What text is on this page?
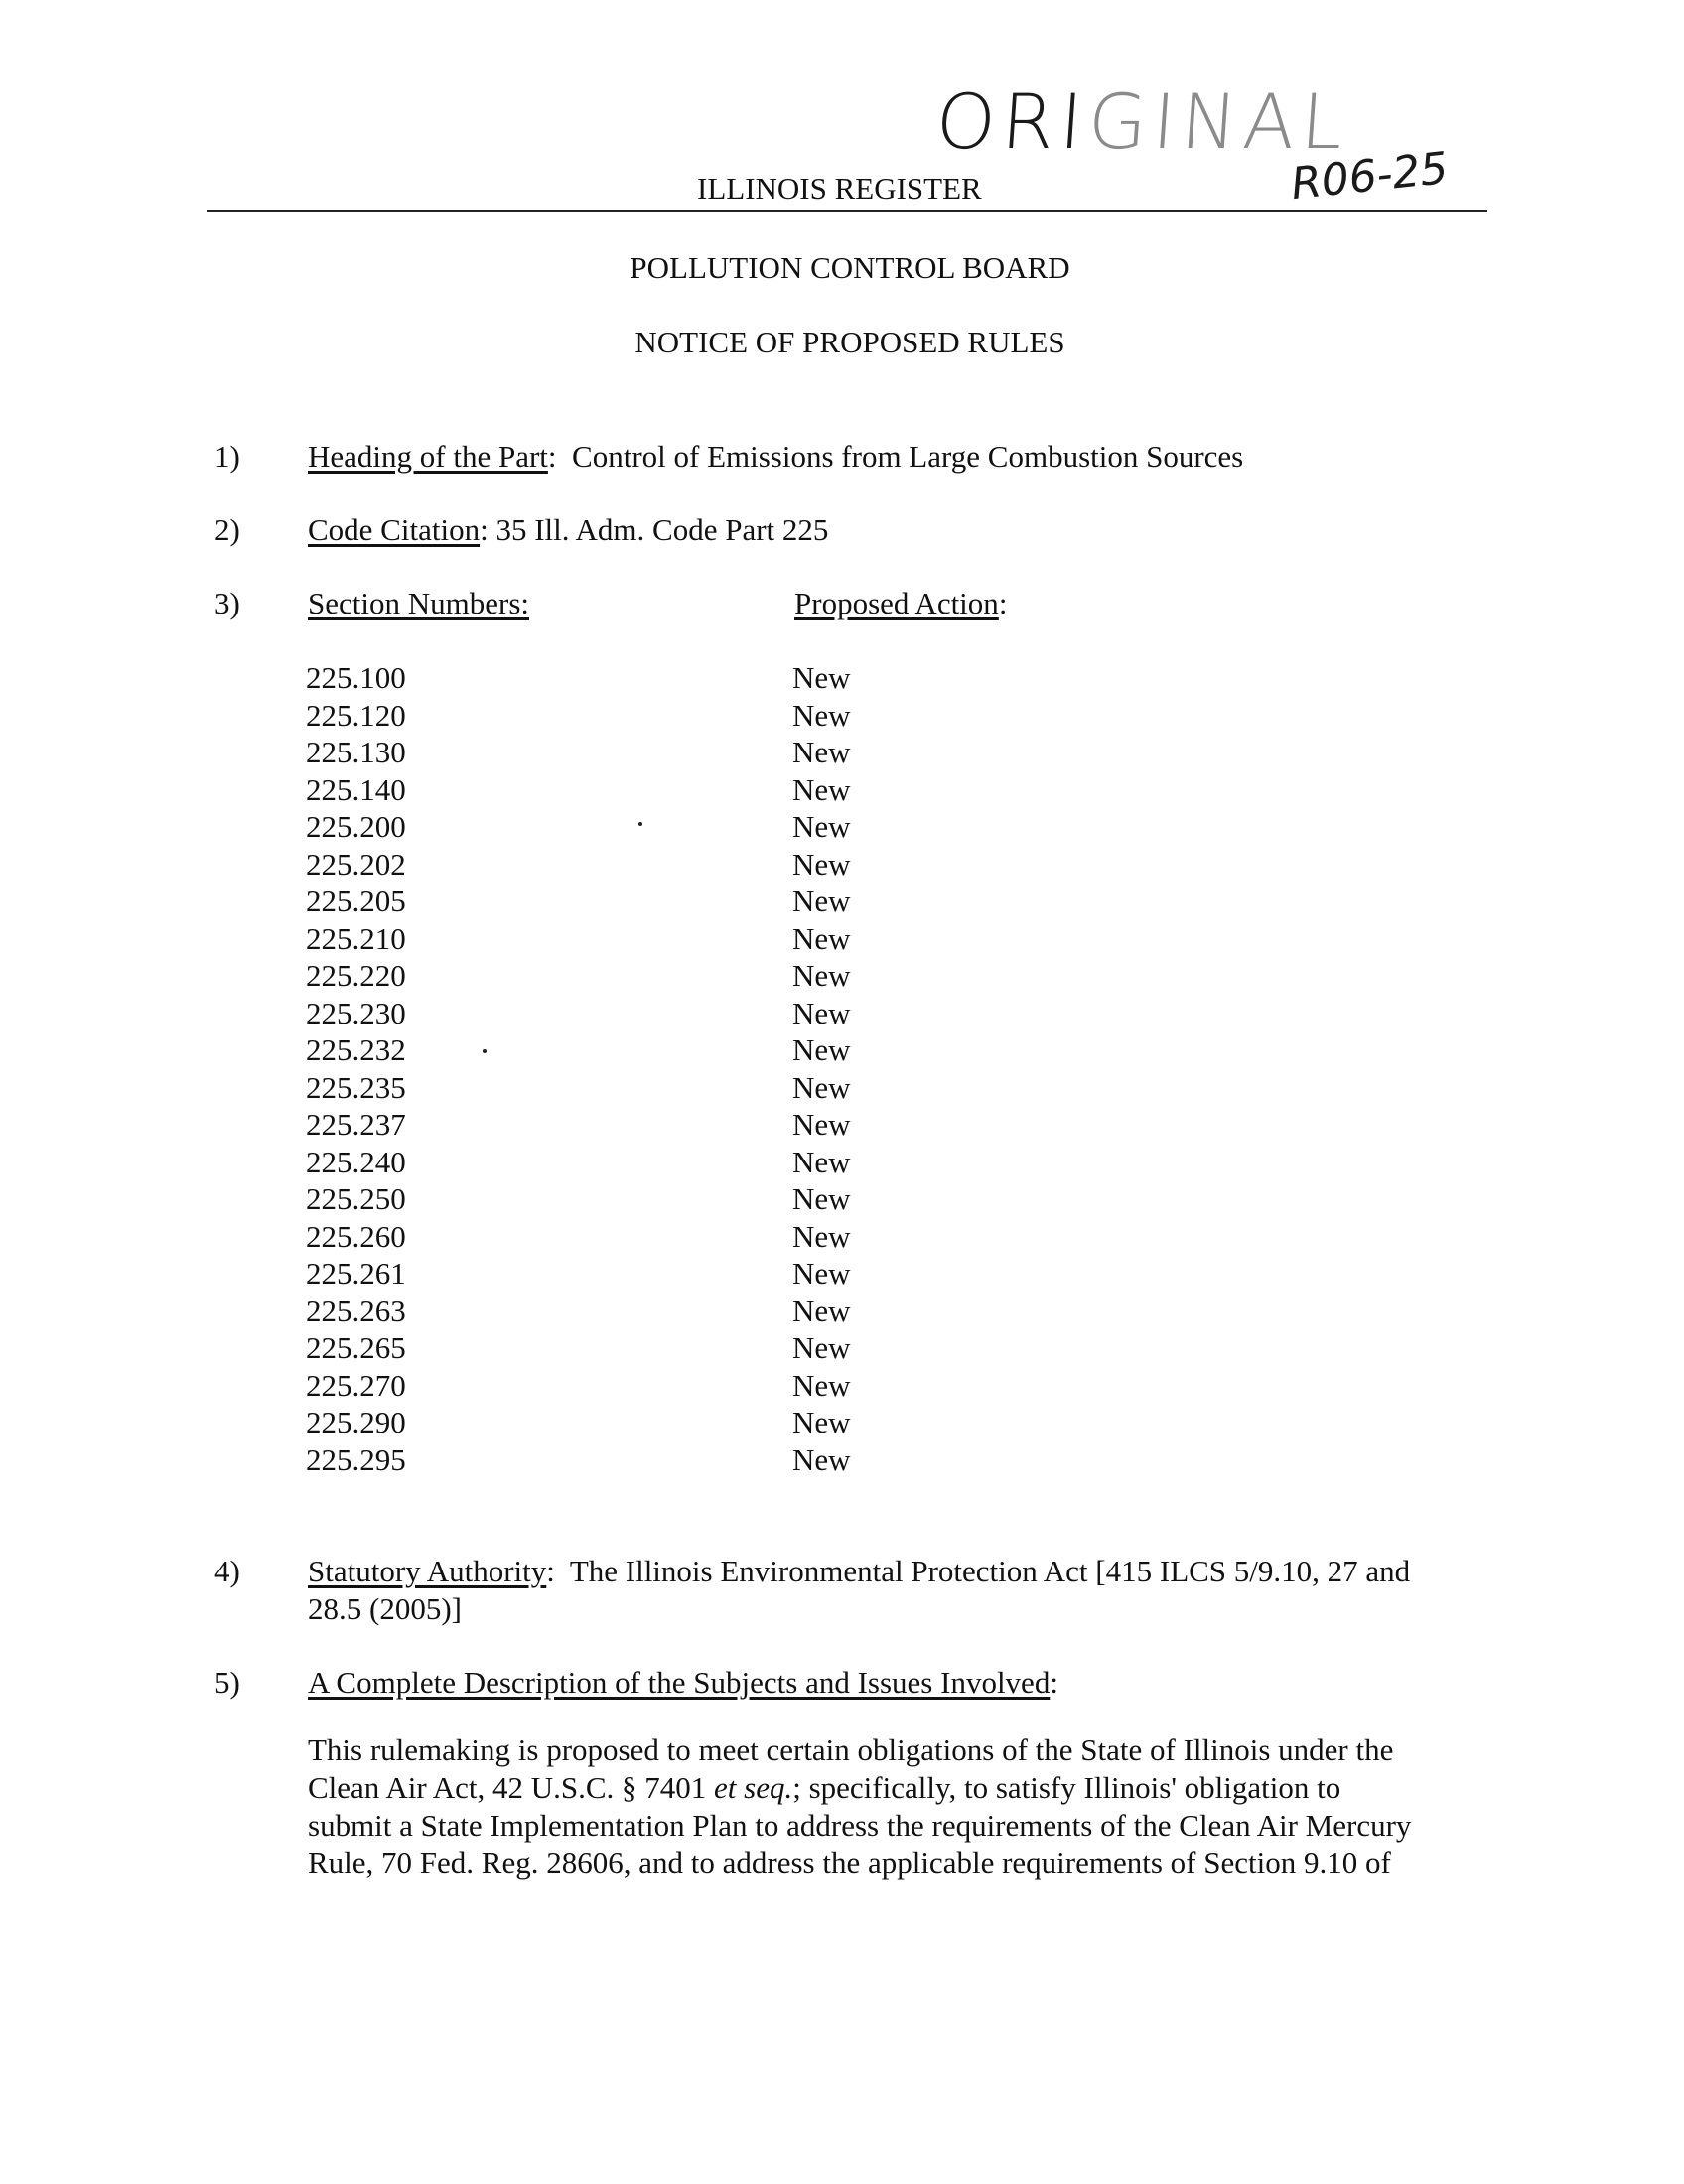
ORIGINAL
R06-25
ILLINOIS REGISTER
POLLUTION CONTROL BOARD
NOTICE OF PROPOSED RULES
1) Heading of the Part:  Control of Emissions from Large Combustion Sources
2) Code Citation: 35 Ill. Adm. Code Part 225
3) Section Numbers:	Proposed Action:
225.100
225.120
225.130
225.140
225.200
225.202
225.205
225.210
225.220
225.230
225.232
225.235
225.237
225.240
225.250
225.260
225.261
225.263
225.265
225.270
225.290
225.295
New
New
New
New
New
New
New
New
New
New
New
New
New
New
New
New
New
New
New
New
New
New
4) Statutory Authority:  The Illinois Environmental Protection Act [415 ILCS 5/9.10, 27 and
28.5 (2005)]
5) A Complete Description of the Subjects and Issues Involved:

This rulemaking is proposed to meet certain obligations of the State of Illinois under the

Clean Air Act, 42 U.S.C. § 7401 et seq.; specifically, to satisfy Illinois' obligation to

submit a State Implementation Plan to address the requirements of the Clean Air Mercury

Rule, 70 Fed. Reg. 28606, and to address the applicable requirements of Section 9.10 of
